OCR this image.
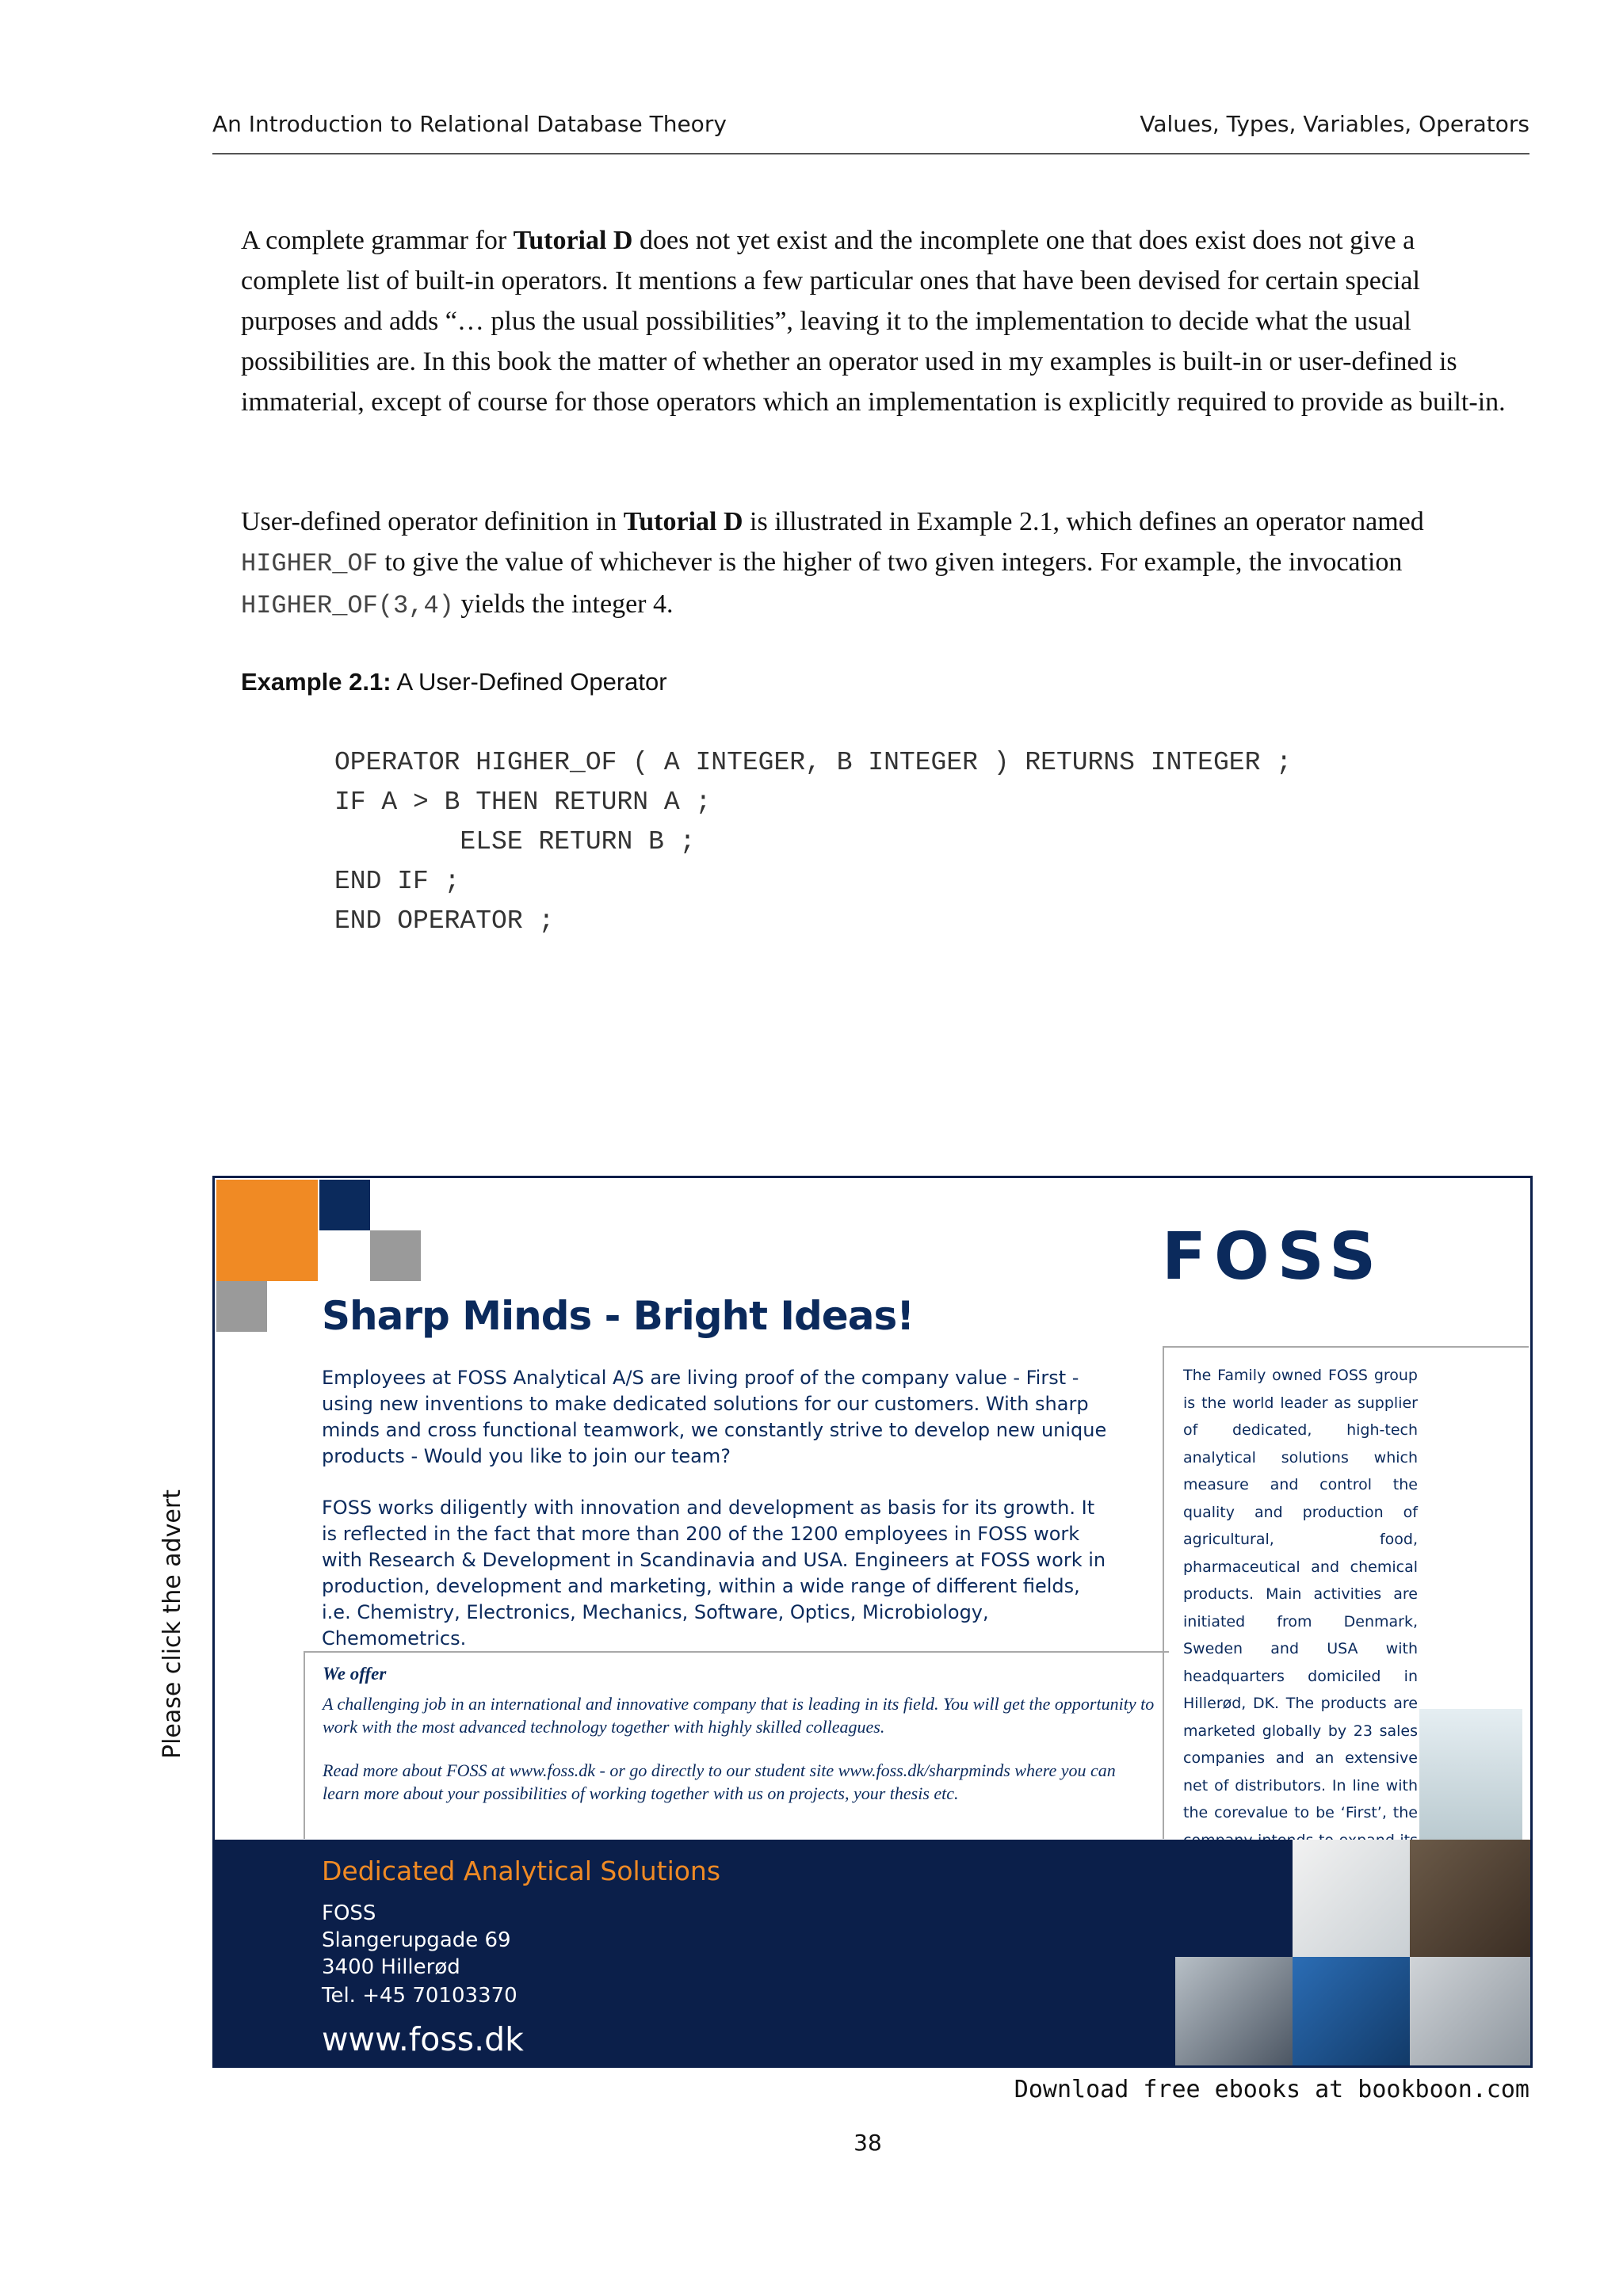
An Introduction to Relational Database Theory	Values, Types, Variables, Operators

A complete grammar for Tutorial D does not yet exist and the incomplete one that does exist does not give a complete list of built-in operators. It mentions a few particular ones that have been devised for certain special purposes and adds “… plus the usual possibilities”, leaving it to the implementation to decide what the usual possibilities are. In this book the matter of whether an operator used in my examples is built-in or user-defined is immaterial, except of course for those operators which an implementation is explicitly required to provide as built-in.

User-defined operator definition in Tutorial D is illustrated in Example 2.1, which defines an operator named HIGHER_OF to give the value of whichever is the higher of two given integers. For example, the invocation HIGHER_OF(3,4) yields the integer 4.

Example 2.1: A User-Defined Operator
OPERATOR HIGHER_OF ( A INTEGER, B INTEGER ) RETURNS INTEGER ;
IF A > B THEN RETURN A ;
ELSE RETURN B ;
END IF ;
END OPERATOR ;
Please click the advert
FOSS
Sharp Minds - Bright Ideas!

Employees at FOSS Analytical A/S are living proof of the company value - First - using new inventions to make dedicated solutions for our customers. With sharp minds and cross functional teamwork, we constantly strive to develop new unique products - Would you like to join our team?

FOSS works diligently with innovation and development as basis for its growth. It is reflected in the fact that more than 200 of the 1200 employees in FOSS work with Research & Development in Scandinavia and USA. Engineers at FOSS work in production, development and marketing, within a wide range of different fields, i.e. Chemistry, Electronics, Mechanics, Software, Optics, Microbiology, Chemometrics.

The Family owned FOSS group is the world leader as supplier of dedicated, high-tech analytical solutions which measure and control the quality and production of agricultural, food, pharmaceutical and chemical products. Main activities are initiated from Denmark, Sweden and USA with headquarters domiciled in Hillerød, DK. The products are marketed globally by 23 sales companies and an extensive net of distributors. In line with the corevalue to be ‘First’, the

We offer

A challenging job in an international and innovative company that is leading in its field. You will get the opportunity to work with the most advanced technology together with highly skilled colleagues.

Read more about FOSS at www.foss.dk - or go directly to our student site www.foss.dk/sharpminds where you can learn more about your possibilities of working together with us on projects, your thesis etc.

Dedicated Analytical Solutions
FOSS
Slangerupgade 69
3400 Hillerød
Tel. +45 70103370
www.foss.dk
Download free ebooks at bookboon.com
38
